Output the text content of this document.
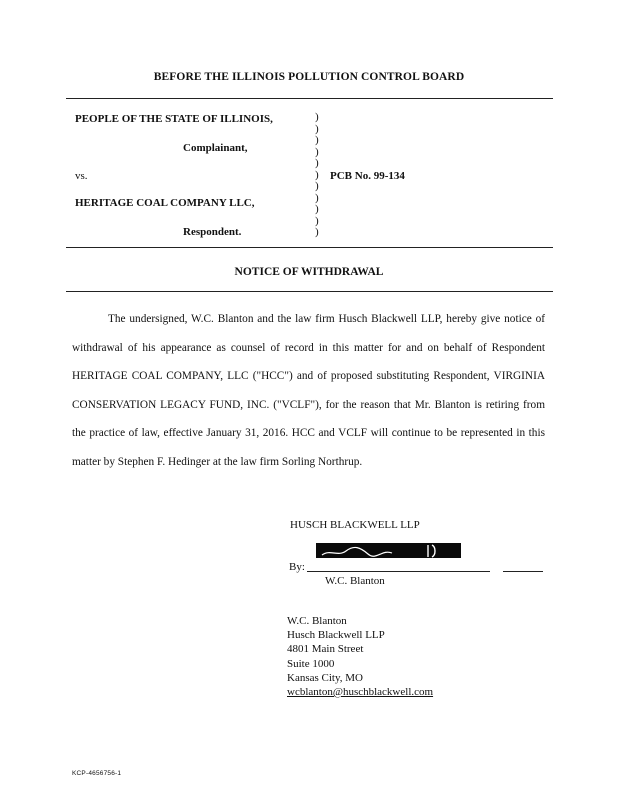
BEFORE THE ILLINOIS POLLUTION CONTROL BOARD
PEOPLE OF THE STATE OF ILLINOIS,
Complainant,
vs.
HERITAGE COAL COMPANY LLC,
Respondent.
PCB No. 99-134
)
)
)
)
)
)
)
)
)
)
)
NOTICE OF WITHDRAWAL

The undersigned, W.C. Blanton and the law firm Husch Blackwell LLP, hereby give notice of withdrawal of his appearance as counsel of record in this matter for and on behalf of Respondent HERITAGE COAL COMPANY, LLC ("HCC") and of proposed substituting Respondent, VIRGINIA CONSERVATION LEGACY FUND, INC. ("VCLF"), for the reason that Mr. Blanton is retiring from the practice of law, effective January 31, 2016. HCC and VCLF will continue to be represented in this matter by Stephen F. Hedinger at the law firm Sorling Northrup.

HUSCH BLACKWELL LLP
By:
W.C. Blanton
W.C. Blanton
Husch Blackwell LLP
4801 Main Street
Suite 1000
Kansas City, MO
wcblanton@huschblackwell.com
KCP-4656756-1
